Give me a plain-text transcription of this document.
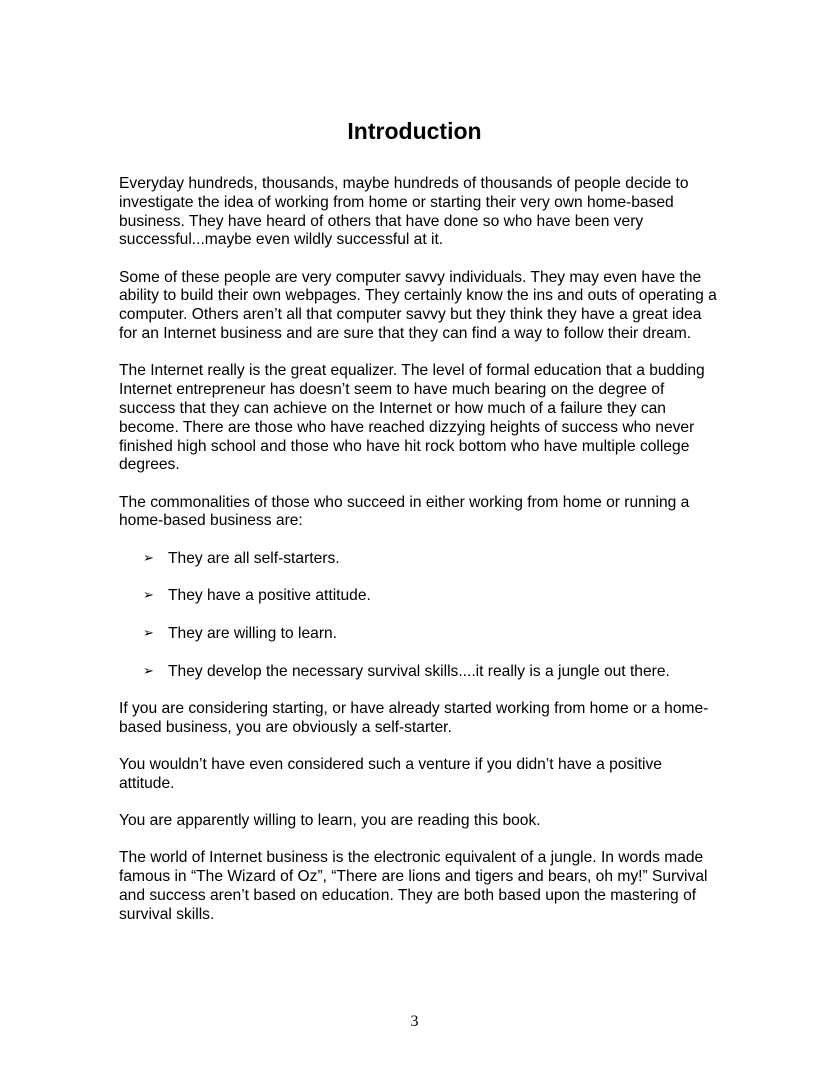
Introduction

Everyday hundreds, thousands, maybe hundreds of thousands of people decide to investigate the idea of working from home or starting their very own home-based business. They have heard of others that have done so who have been very successful...maybe even wildly successful at it.

Some of these people are very computer savvy individuals. They may even have the ability to build their own webpages. They certainly know the ins and outs of operating a computer. Others aren’t all that computer savvy but they think they have a great idea for an Internet business and are sure that they can find a way to follow their dream.

The Internet really is the great equalizer. The level of formal education that a budding Internet entrepreneur has doesn’t seem to have much bearing on the degree of success that they can achieve on the Internet or how much of a failure they can become. There are those who have reached dizzying heights of success who never finished high school and those who have hit rock bottom who have multiple college degrees.

The commonalities of those who succeed in either working from home or running a home-based business are:

➢ They are all self-starters.
➢ They have a positive attitude.
➢ They are willing to learn.
➢ They develop the necessary survival skills....it really is a jungle out there.

If you are considering starting, or have already started working from home or a home-based business, you are obviously a self-starter.

You wouldn’t have even considered such a venture if you didn’t have a positive attitude.

You are apparently willing to learn, you are reading this book.

The world of Internet business is the electronic equivalent of a jungle. In words made famous in “The Wizard of Oz”, “There are lions and tigers and bears, oh my!” Survival and success aren’t based on education. They are both based upon the mastering of survival skills.

3
